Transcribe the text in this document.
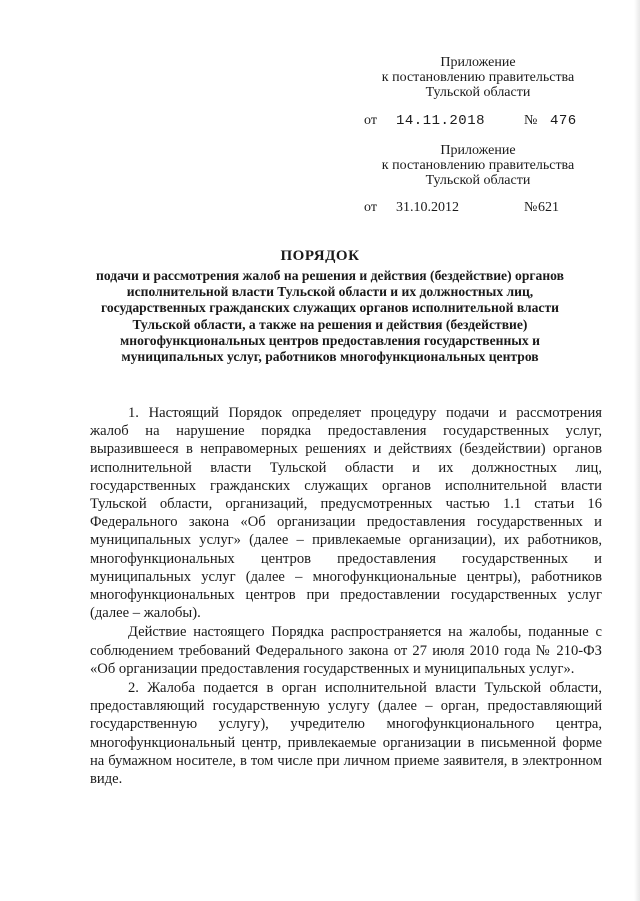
Приложение
к постановлению правительства
Тульской области
от 14.11.2018	№ 476
Приложение
к постановлению правительства
Тульской области
от 31.10.2012	№ 621
ПОРЯДОК
подачи и рассмотрения жалоб на решения и действия (бездействие) органов исполнительной власти Тульской области и их должностных лиц, государственных гражданских служащих органов исполнительной власти Тульской области, а также на решения и действия (бездействие) многофункциональных центров предоставления государственных и муниципальных услуг, работников многофункциональных центров

1. Настоящий Порядок определяет процедуру подачи и рассмотрения жалоб на нарушение порядка предоставления государственных услуг, выразившееся в неправомерных решениях и действиях (бездействии) органов исполнительной власти Тульской области и их должностных лиц, государственных гражданских служащих органов исполнительной власти Тульской области, организаций, предусмотренных частью 1.1 статьи 16 Федерального закона «Об организации предоставления государственных и муниципальных услуг» (далее – привлекаемые организации), их работников, многофункциональных центров предоставления государственных и муниципальных услуг (далее – многофункциональные центры), работников многофункциональных центров при предоставлении государственных услуг (далее – жалобы).

Действие настоящего Порядка распространяется на жалобы, поданные с соблюдением требований Федерального закона от 27 июля 2010 года № 210-ФЗ «Об организации предоставления государственных и муниципальных услуг».

2. Жалоба подается в орган исполнительной власти Тульской области, предоставляющий государственную услугу (далее – орган, предоставляющий государственную услугу), учредителю многофункционального центра, многофункциональный центр, привлекаемые организации в письменной форме на бумажном носителе, в том числе при личном приеме заявителя, в электронном виде.
